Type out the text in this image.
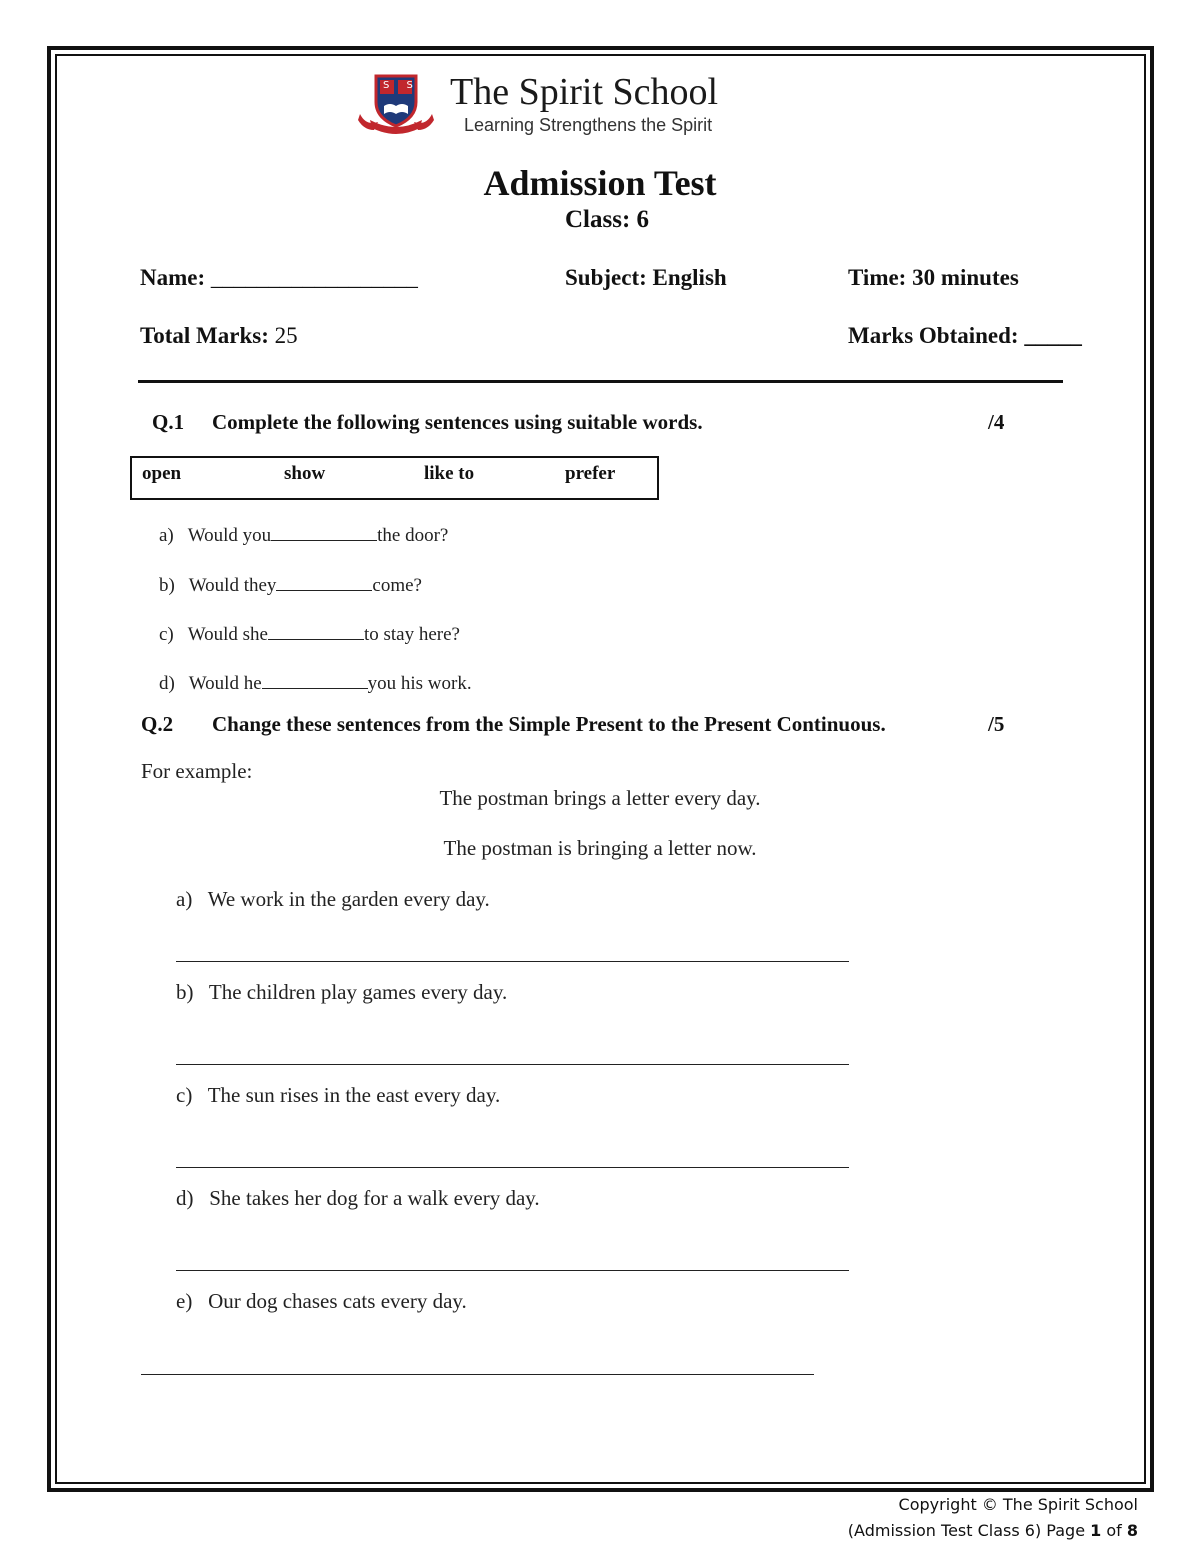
S S The Spirit School
Learning Strengthens the Spirit
Admission Test
Class: 6
Name: __________________	Subject: English	Time: 30 minutes
Total Marks: 25	Marks Obtained: _____
Q.1 Complete the following sentences using suitable words.	/4
open	show	like to	prefer
a) Would you	the door?
b) Would they	come?
c) Would she	to stay here?
d) Would he	you his work.
Q.2 Change these sentences from the Simple Present to the Present Continuous.	/5
For example:
The postman brings a letter every day.
The postman is bringing a letter now.
a) We work in the garden every day.
b) The children play games every day.
c) The sun rises in the east every day.
d) She takes her dog for a walk every day.
e) Our dog chases cats every day.
Copyright © The Spirit School
(Admission Test Class 6) Page 1 of 8
